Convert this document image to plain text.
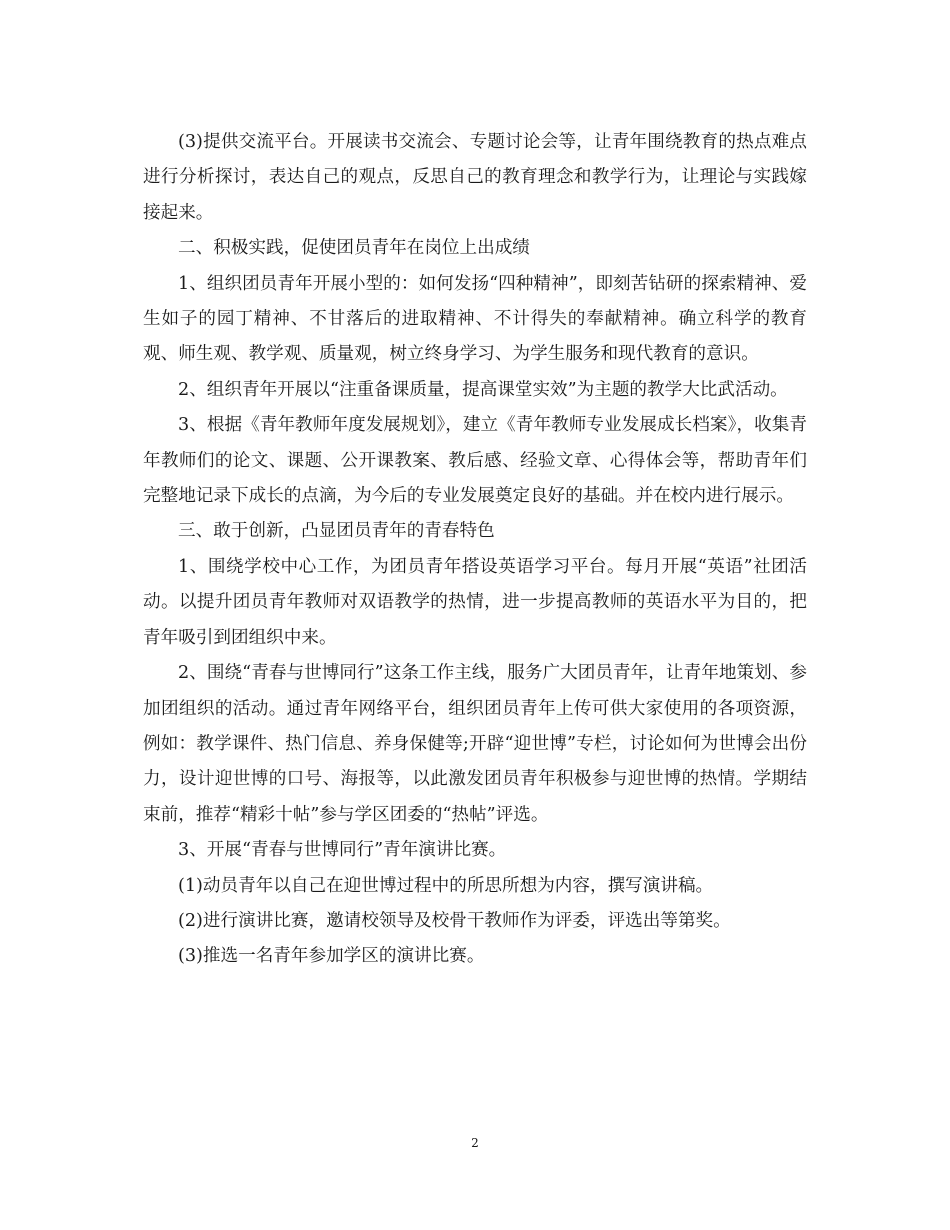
(3)提供交流平台。开展读书交流会、专题讨论会等，让青年围绕教育的热点难点进行分析探讨，表达自己的观点，反思自己的教育理念和教学行为，让理论与实践嫁接起来。

二、积极实践，促使团员青年在岗位上出成绩

1、组织团员青年开展小型的：如何发扬“四种精神”，即刻苦钻研的探索精神、爱生如子的园丁精神、不甘落后的进取精神、不计得失的奉献精神。确立科学的教育观、师生观、教学观、质量观，树立终身学习、为学生服务和现代教育的意识。

2、组织青年开展以“注重备课质量，提高课堂实效”为主题的教学大比武活动。

3、根据《青年教师年度发展规划》，建立《青年教师专业发展成长档案》，收集青年教师们的论文、课题、公开课教案、教后感、经验文章、心得体会等，帮助青年们完整地记录下成长的点滴，为今后的专业发展奠定良好的基础。并在校内进行展示。

三、敢于创新，凸显团员青年的青春特色

1、围绕学校中心工作，为团员青年搭设英语学习平台。每月开展“英语”社团活动。以提升团员青年教师对双语教学的热情，进一步提高教师的英语水平为目的，把青年吸引到团组织中来。

2、围绕“青春与世博同行”这条工作主线，服务广大团员青年，让青年地策划、参加团组织的活动。通过青年网络平台，组织团员青年上传可供大家使用的各项资源，例如：教学课件、热门信息、养身保健等;开辟“迎世博”专栏，讨论如何为世博会出份力，设计迎世博的口号、海报等，以此激发团员青年积极参与迎世博的热情。学期结束前，推荐“精彩十帖”参与学区团委的“热帖”评选。

3、开展“青春与世博同行”青年演讲比赛。

(1)动员青年以自己在迎世博过程中的所思所想为内容，撰写演讲稿。

(2)进行演讲比赛，邀请校领导及校骨干教师作为评委，评选出等第奖。

(3)推选一名青年参加学区的演讲比赛。

2
